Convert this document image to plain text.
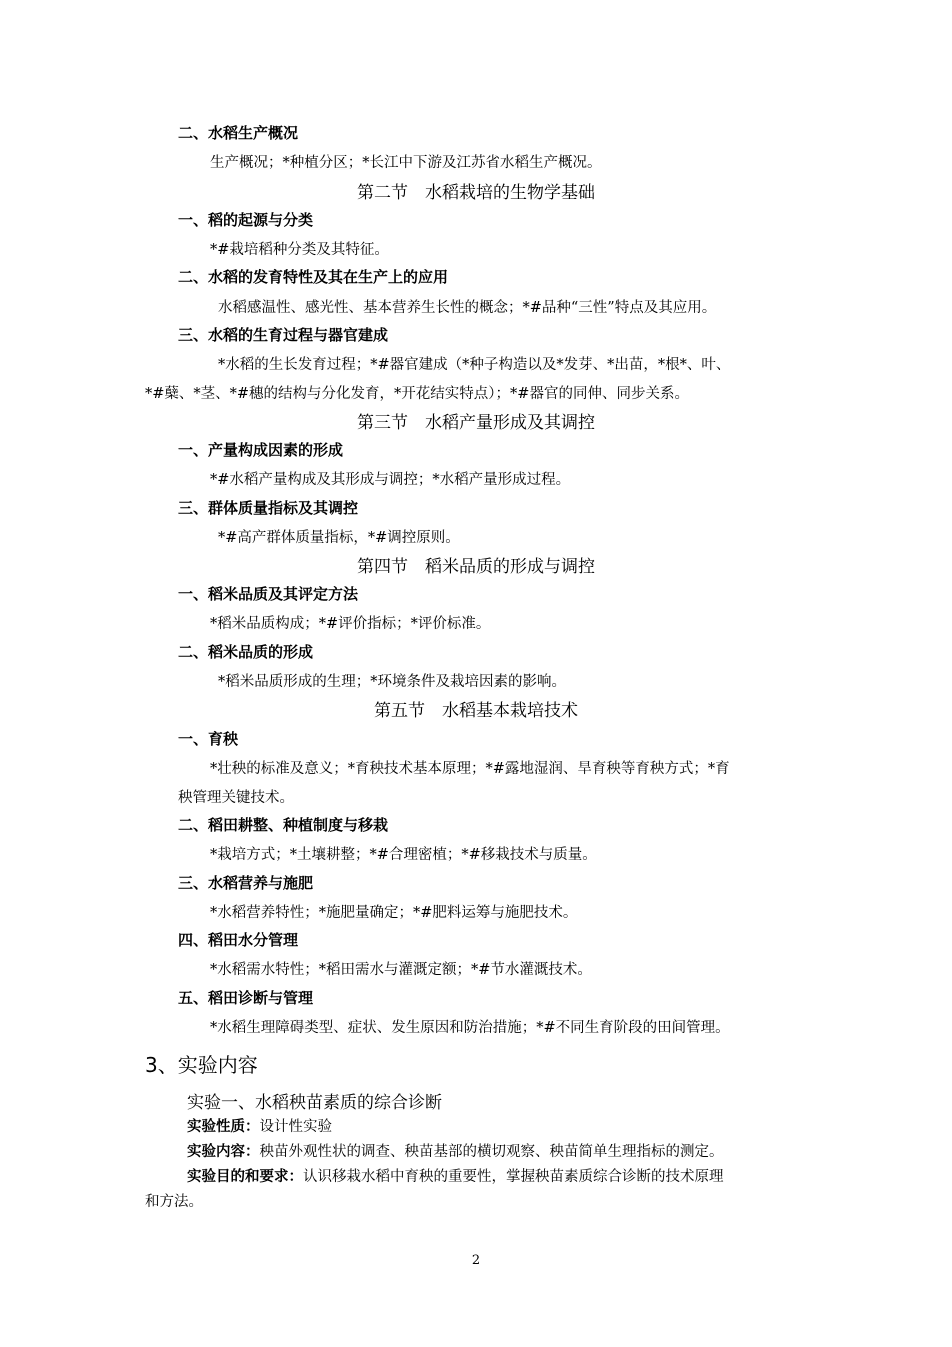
二、水稻生产概况
生产概况；*种植分区；*长江中下游及江苏省水稻生产概况。
第二节　水稻栽培的生物学基础
一、稻的起源与分类
*#栽培稻种分类及其特征。
二、水稻的发育特性及其在生产上的应用
水稻感温性、感光性、基本营养生长性的概念；*#品种“三性”特点及其应用。
三、水稻的生育过程与器官建成
*水稻的生长发育过程；*#器官建成（*种子构造以及*发芽、*出苗，*根*、叶、
*#蘖、*茎、*#穗的结构与分化发育，*开花结实特点）；*#器官的同伸、同步关系。
第三节　水稻产量形成及其调控
一、产量构成因素的形成
*#水稻产量构成及其形成与调控；*水稻产量形成过程。
三、群体质量指标及其调控
*#高产群体质量指标，*#调控原则。
第四节　稻米品质的形成与调控
一、稻米品质及其评定方法
*稻米品质构成；*#评价指标；*评价标准。
二、稻米品质的形成
*稻米品质形成的生理；*环境条件及栽培因素的影响。
第五节　水稻基本栽培技术
一、育秧
*壮秧的标准及意义；*育秧技术基本原理；*#露地湿润、旱育秧等育秧方式；*育
秧管理关键技术。
二、稻田耕整、种植制度与移栽
*栽培方式；*土壤耕整；*#合理密植；*#移栽技术与质量。
三、水稻营养与施肥
*水稻营养特性；*施肥量确定；*#肥料运筹与施肥技术。
四、稻田水分管理
*水稻需水特性；*稻田需水与灌溉定额；*#节水灌溉技术。
五、稻田诊断与管理
*水稻生理障碍类型、症状、发生原因和防治措施；*#不同生育阶段的田间管理。
3、实验内容
实验一、水稻秧苗素质的综合诊断
实验性质：设计性实验
实验内容：秧苗外观性状的调查、秧苗基部的横切观察、秧苗简单生理指标的测定。
实验目的和要求：认识移栽水稻中育秧的重要性，掌握秧苗素质综合诊断的技术原理
和方法。
2
